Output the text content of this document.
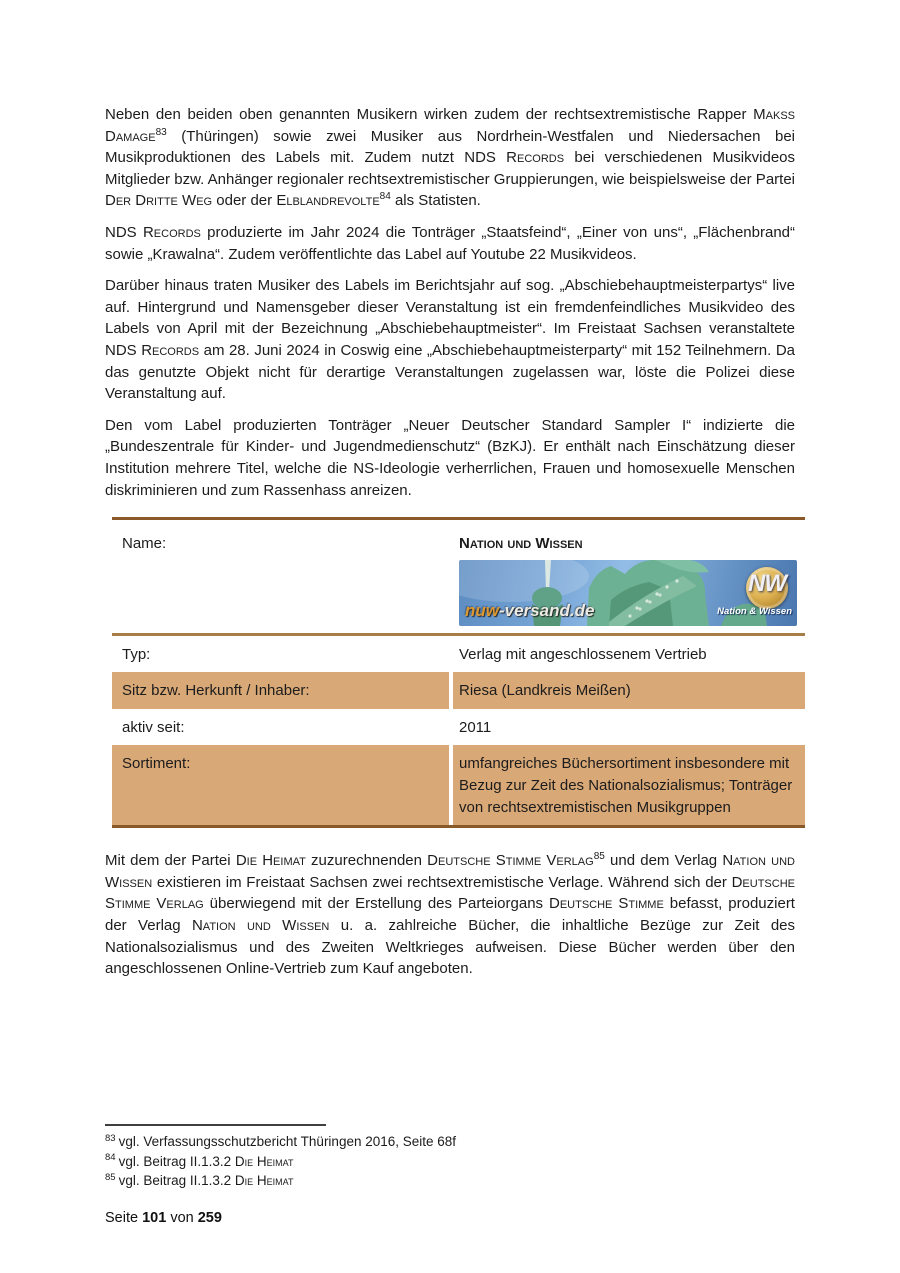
Neben den beiden oben genannten Musikern wirken zudem der rechtsextremistische Rapper Makss Damage$^{83}$ (Thüringen) sowie zwei Musiker aus Nordrhein-Westfalen und Niedersachen bei Musikproduktionen des Labels mit. Zudem nutzt NDS Records bei verschiedenen Musikvideos Mitglieder bzw. Anhänger regionaler rechtsextremistischer Gruppierungen, wie beispielsweise der Partei Der Dritte Weg oder der Elblandrevolte$^{84}$ als Statisten.

NDS Records produzierte im Jahr 2024 die Tonträger „Staatsfeind“, „Einer von uns“, „Flächenbrand“ sowie „Krawalna“. Zudem veröffentlichte das Label auf Youtube 22 Musikvideos.

Darüber hinaus traten Musiker des Labels im Berichtsjahr auf sog. „Abschiebehauptmeisterpartys“ live auf. Hintergrund und Namensgeber dieser Veranstaltung ist ein fremdenfeindliches Musikvideo des Labels von April mit der Bezeichnung „Abschiebehauptmeister“. Im Freistaat Sachsen veranstaltete NDS Records am 28. Juni 2024 in Coswig eine „Abschiebehauptmeisterparty“ mit 152 Teilnehmern. Da das genutzte Objekt nicht für derartige Veranstaltungen zugelassen war, löste die Polizei diese Veranstaltung auf.

Den vom Label produzierten Tonträger „Neuer Deutscher Standard Sampler I“ indizierte die „Bundeszentrale für Kinder- und Jugendmedienschutz“ (BzKJ). Er enthält nach Einschätzung dieser Institution mehrere Titel, welche die NS-Ideologie verherrlichen, Frauen und homosexuelle Menschen diskriminieren und zum Rassenhass anreizen.

Name:	Nation und Wissen
NW
nuw-versand.de	Nation & Wissen
Typ:	Verlag mit angeschlossenem Vertrieb
Sitz bzw. Herkunft / Inhaber:	Riesa (Landkreis Meißen)
aktiv seit:	2011
Sortiment:	umfangreiches Büchersortiment insbesondere mit Bezug zur Zeit des Nationalsozialismus; Tonträger von rechtsextremistischen Musikgruppen

Mit dem der Partei Die Heimat zuzurechnenden Deutsche Stimme Verlag$^{85}$ und dem Verlag Nation und Wissen existieren im Freistaat Sachsen zwei rechtsextremistische Verlage. Während sich der Deutsche Stimme Verlag überwiegend mit der Erstellung des Parteiorgans Deutsche Stimme befasst, produziert der Verlag Nation und Wissen u. a. zahlreiche Bücher, die inhaltliche Bezüge zur Zeit des Nationalsozialismus und des Zweiten Weltkrieges aufweisen. Diese Bücher werden über den angeschlossenen Online-Vertrieb zum Kauf angeboten.

$^{83}$ vgl. Verfassungsschutzbericht Thüringen 2016, Seite 68f
$^{84}$ vgl. Beitrag II.1.3.2 Die Heimat
$^{85}$ vgl. Beitrag II.1.3.2 Die Heimat
Seite 101 von 259
